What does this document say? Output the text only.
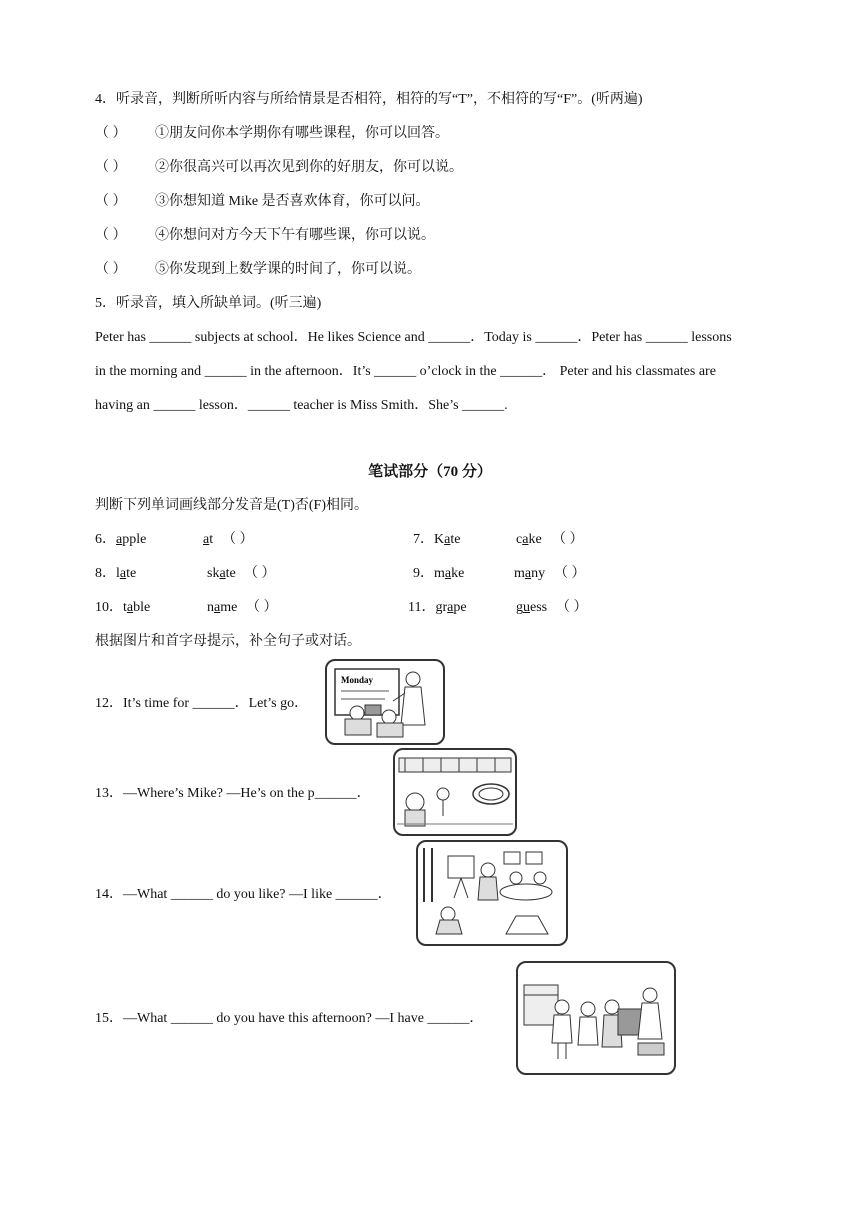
4．听录音，判断所听内容与所给情景是否相符，相符的写“T”，不相符的写“F”。(听两遍)
（ ） ①朋友问你本学期你有哪些课程，你可以回答。
（ ） ②你很高兴可以再次见到你的好朋友，你可以说。
（ ） ③你想知道 Mike 是否喜欢体育，你可以问。
（ ） ④你想问对方今天下午有哪些课，你可以说。
（ ） ⑤你发现到上数学课的时间了，你可以说。
5．听录音，填入所缺单词。(听三遍)
Peter has ______ subjects at school．He likes Science and ______．Today is ______．Peter has ______ lessons
in the morning and ______ in the afternoon．It’s ______ o’clock in the ______． Peter and his classmates are
having an ______ lesson．______ teacher is Miss Smith．She’s ______.
笔试部分（70 分）
判断下列单词画线部分发音是(T)否(F)相同。
6．apple	at （ ）	7．Kate	cake （ ）
8．late	skate （ ）	9．make	many （ ）
10．table	name （ ）	11．grape	guess （ ）
根据图片和首字母提示，补全句子或对话。
12．It’s time for ______．Let’s go．
Monday
13．—Where’s Mike? —He’s on the p______．
14．—What ______ do you like? —I like ______．
15．—What ______ do you have this afternoon? —I have ______．
